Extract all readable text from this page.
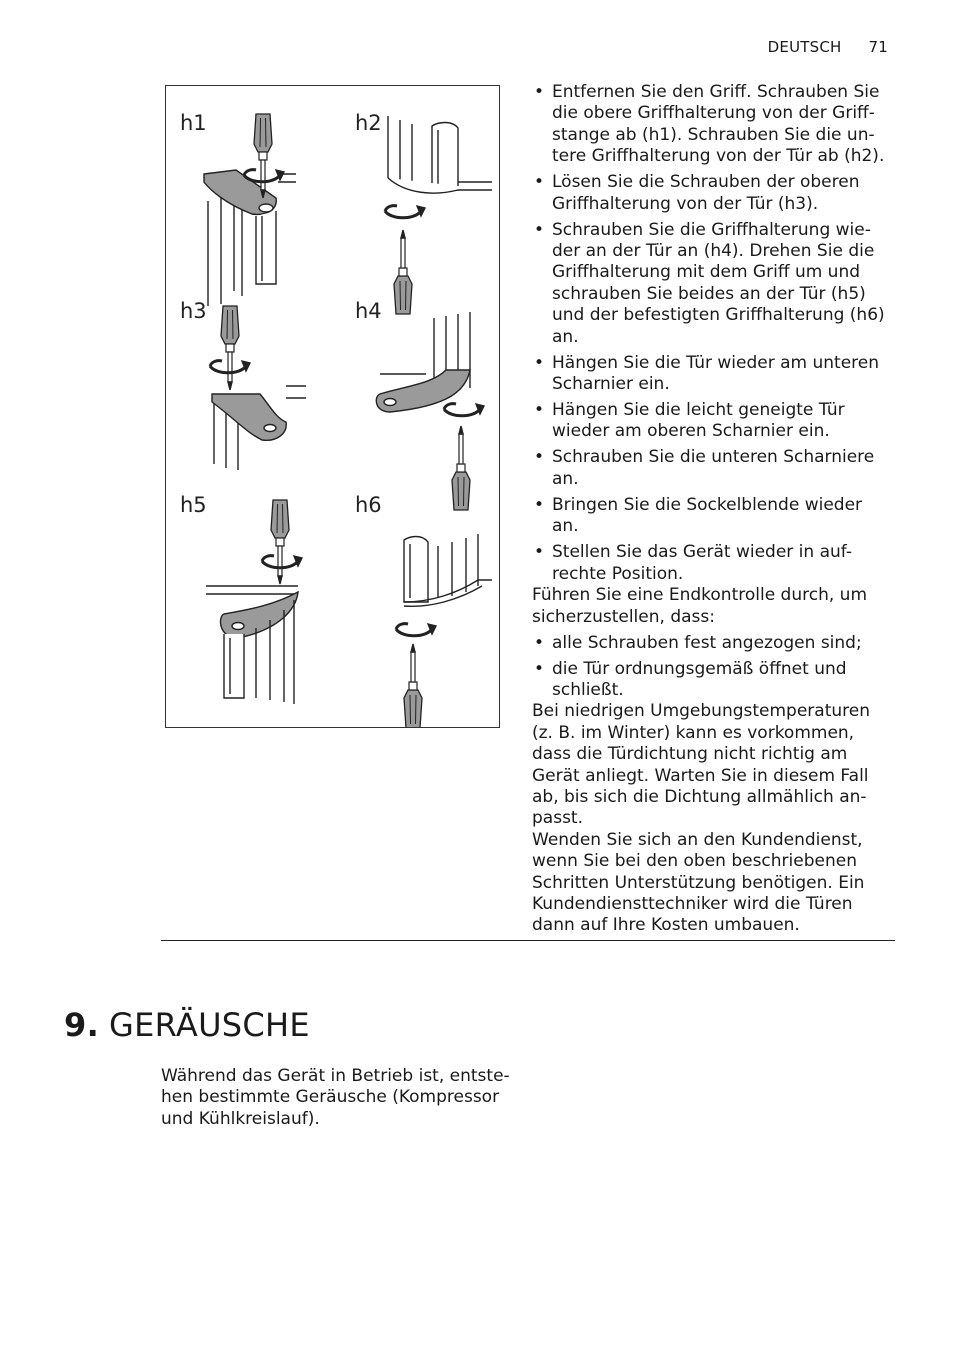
DEUTSCH 71
h1	h2
h3	h4
h5	h6
• Entfernen Sie den Griff. Schrauben Sie die obere Griffhalterung von der Griff-stange ab (h1). Schrauben Sie die un-tere Griffhalterung von der Tür ab (h2).
• Lösen Sie die Schrauben der oberen Griffhalterung von der Tür (h3).
• Schrauben Sie die Griffhalterung wie-der an der Tür an (h4). Drehen Sie die Griffhalterung mit dem Griff um und schrauben Sie beides an der Tür (h5) und der befestigten Griffhalterung (h6) an.
• Hängen Sie die Tür wieder am unteren Scharnier ein.
• Hängen Sie die leicht geneigte Tür wieder am oberen Scharnier ein.
• Schrauben Sie die unteren Scharniere an.
• Bringen Sie die Sockelblende wieder an.
• Stellen Sie das Gerät wieder in auf-rechte Position.

Führen Sie eine Endkontrolle durch, um sicherzustellen, dass:

• alle Schrauben fest angezogen sind;
• die Tür ordnungsgemäß öffnet und schließt.

Bei niedrigen Umgebungstemperaturen (z. B. im Winter) kann es vorkommen, dass die Türdichtung nicht richtig am Gerät anliegt. Warten Sie in diesem Fall ab, bis sich die Dichtung allmählich an-passt.

Wenden Sie sich an den Kundendienst, wenn Sie bei den oben beschriebenen Schritten Unterstützung benötigen. Ein Kundendiensttechniker wird die Türen dann auf Ihre Kosten umbauen.

9. GERÄUSCHE
Während das Gerät in Betrieb ist, entste-hen bestimmte Geräusche (Kompressor und Kühlkreislauf).
